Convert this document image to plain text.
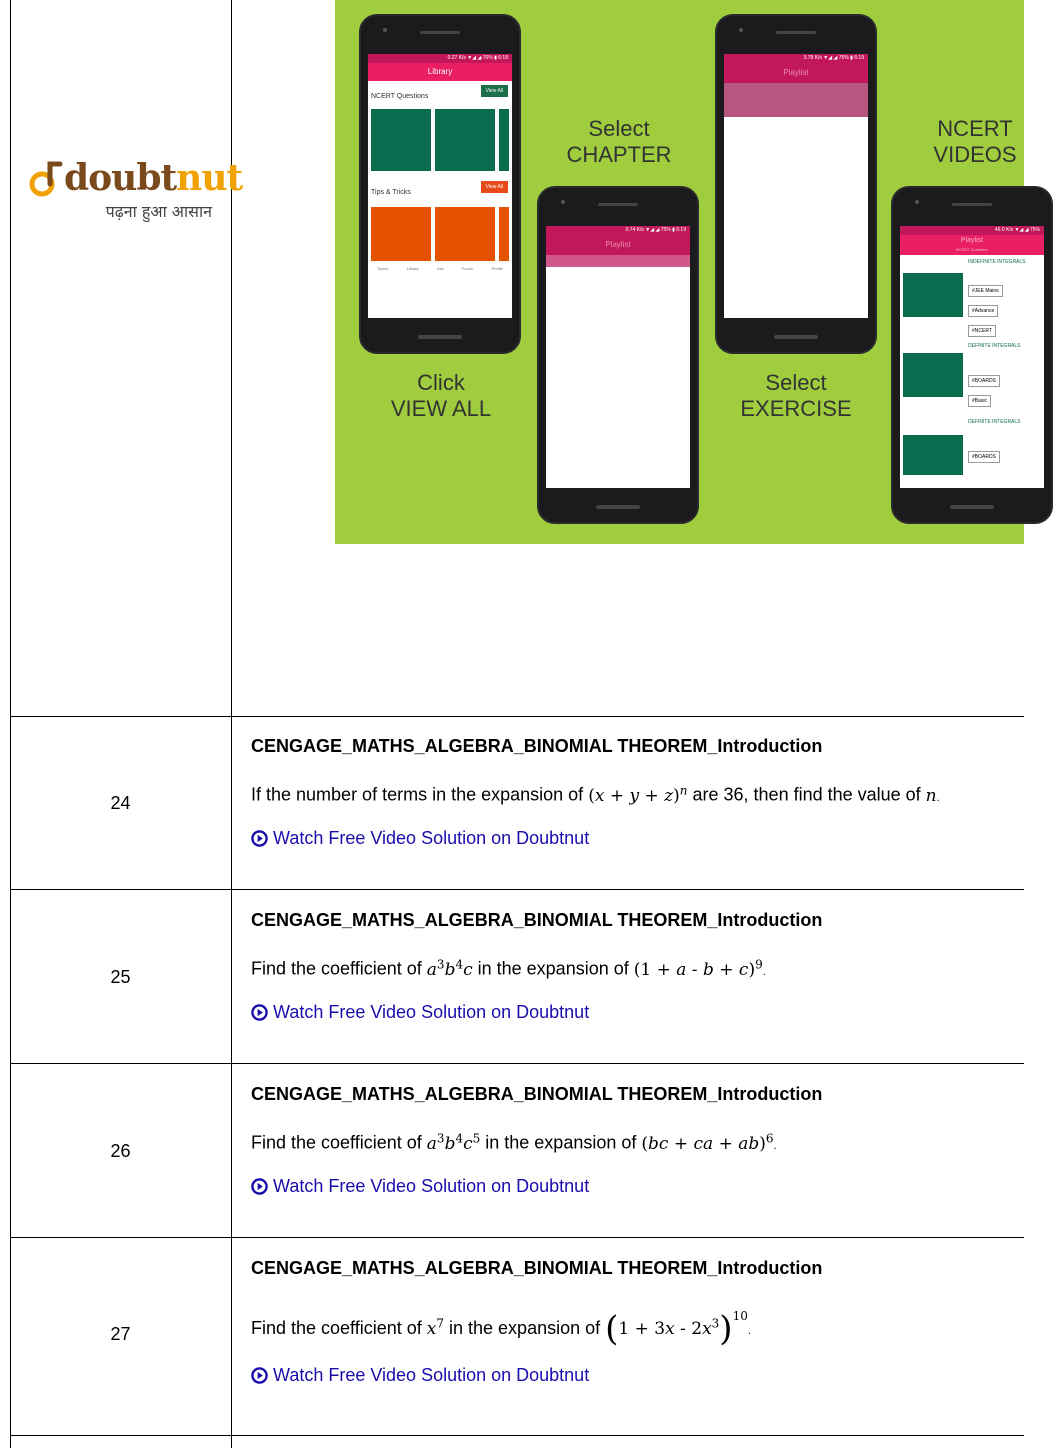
doubtnut
पढ़ना हुआ आसान
0.27 K/s ▼◢ ◢ 76% ▮ 6:18
Library
NCERT Questions
View All
Tips & Tricks
View All
Topics	Library	Ask	Forum	Profile
0.74 K/s ▼◢ ◢ 75% ▮ 6:19
Playlist
Select your chapter
RELATIONS AND FUNCTIONS
INVERSE TRIGONOMETRIC FUNCTIONS
MATRICES	DETERMINANTS
CONTINUITY AND DIFFERENTIABILITY
APPLICATION OF DERIVATIVES
INTEGRALS	APPLICATION OF INTEGRALS
DIFFERENTIAL EQUATIONS	VECTOR ALGEBRA
THREE DIMENSIONAL GEOMETRY	LINEAR PROGRAMMING
PROBABILITY
3.78 K/s ▼◢ ◢ 75% ▮ 6:19
Playlist
Select your excercise
EXERCISE 7.1	EXERCISE 7.2
EXERCISE 7.3	EXERCISE 7.4
EXERCISE 7.5	EXERCISE 7.6
EXERCISE 7.7	EXERCISE 7.8
EXERCISE 7.9	EXERCISE 7.10
EXERCISE 7.11	MISCELLANEOUS EXERCISE
SOLVED EXAMPLES
46.0 K/s ▼◢ ◢ 75%
Playlist
NCERT Questions
INDEFINITE INTEGRALS
#JEE Mains
#Advance
#NCERT
DEFINITE INTEGRALS
#BOARDS
#Basic
DEFINITE INTEGRALS
#BOARDS
Select
CHAPTER
NCERT
VIDEOS
Click
VIEW ALL
Select
EXERCISE
24
CENGAGE_MATHS_ALGEBRA_BINOMIAL THEOREM_Introduction
If the number of terms in the expansion of $(x + y + z)^n$ are 36, then find the value of n.
Watch Free Video Solution on Doubtnut
25
CENGAGE_MATHS_ALGEBRA_BINOMIAL THEOREM_Introduction
Find the coefficient of $a^3b^4c$ in the expansion of $(1 + a - b + c)^9$.
Watch Free Video Solution on Doubtnut
26
CENGAGE_MATHS_ALGEBRA_BINOMIAL THEOREM_Introduction
Find the coefficient of $a^3b^4c^5$ in the expansion of (bc + ca + ab)$^6$.
Watch Free Video Solution on Doubtnut
27
CENGAGE_MATHS_ALGEBRA_BINOMIAL THEOREM_Introduction
Find the coefficient of $x^7$ in the expansion of $(1 + 3x - 2x^3)^{10}$.
Watch Free Video Solution on Doubtnut
